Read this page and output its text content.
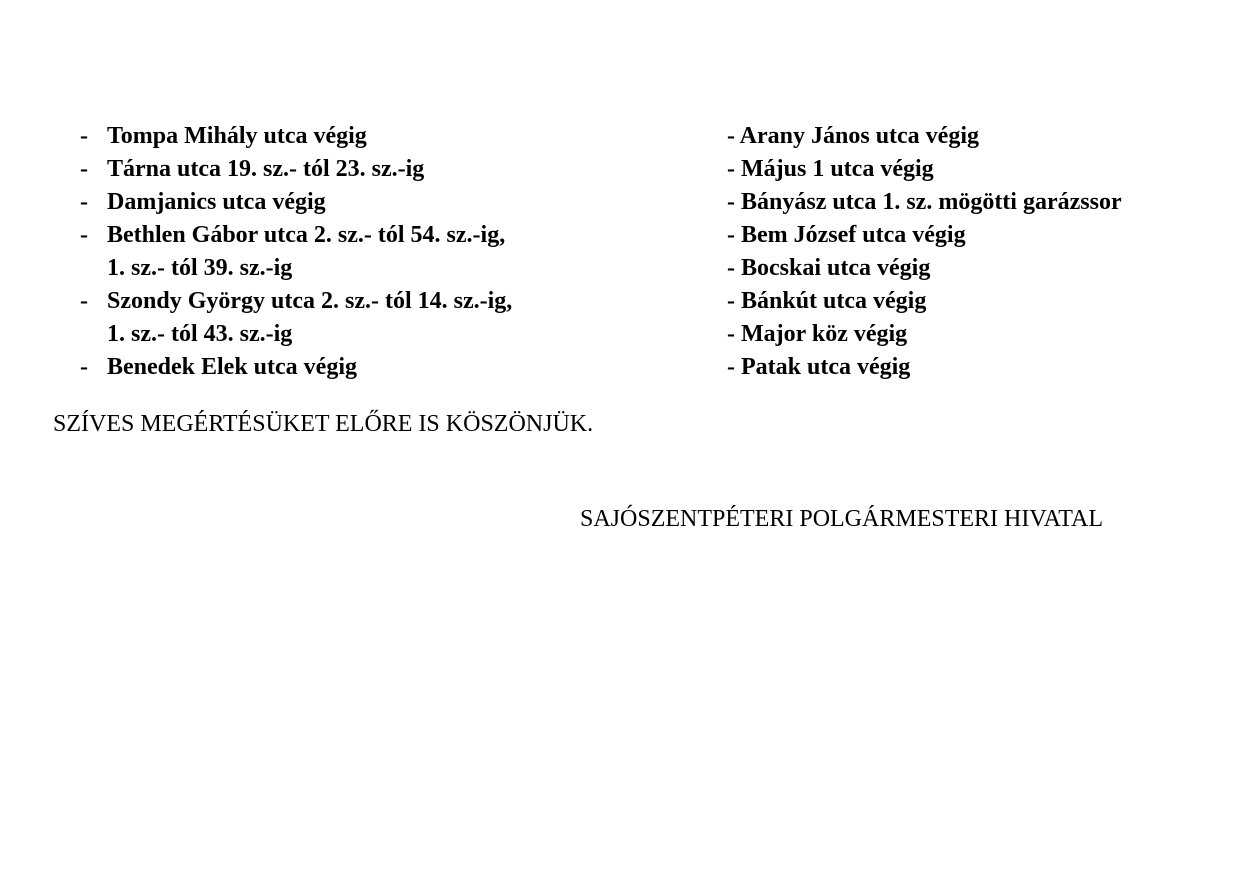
- Tompa Mihály utca végig
- Tárna utca 19. sz.- tól 23. sz.-ig
- Damjanics utca végig
- Bethlen Gábor utca 2. sz.- tól 54. sz.-ig,
1. sz.- tól 39. sz.-ig
- Szondy György utca 2. sz.- tól 14. sz.-ig,
1. sz.- tól 43. sz.-ig
- Benedek Elek utca végig
- Arany János utca végig
- Május 1 utca végig
- Bányász utca 1. sz. mögötti garázssor
- Bem József utca végig
- Bocskai utca végig
- Bánkút utca végig
- Major köz végig
- Patak utca végig
SZÍVES MEGÉRTÉSÜKET ELŐRE IS KÖSZÖNJÜK.
SAJÓSZENTPÉTERI POLGÁRMESTERI HIVATAL
